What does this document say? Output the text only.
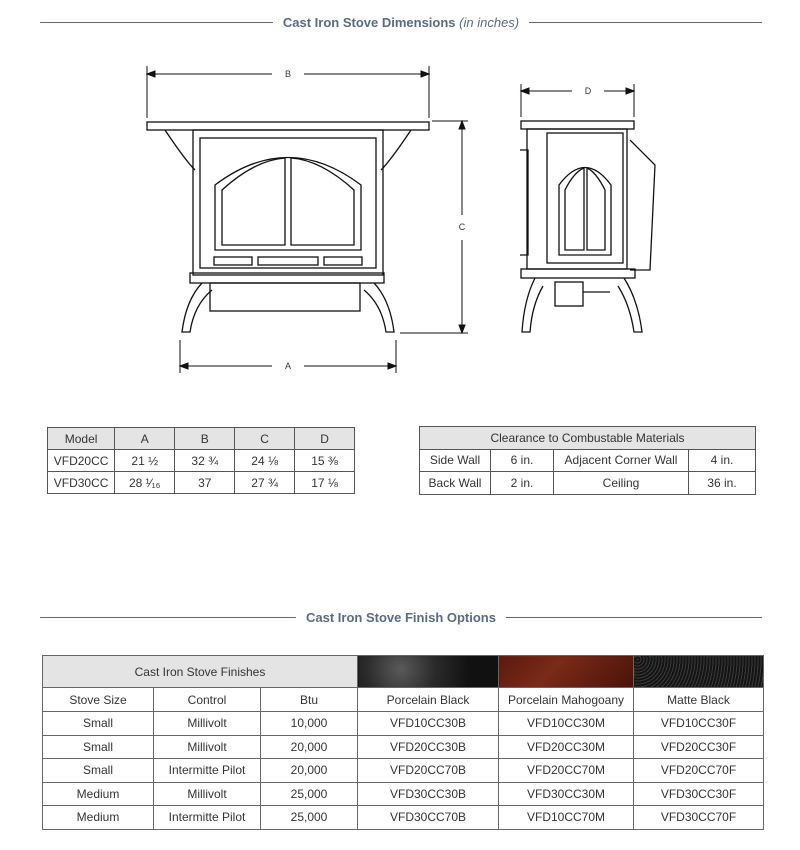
Cast Iron Stove Dimensions (in inches)
B
A
C
D
Model	A	B	C	D
VFD20CC	21 ½	32 ¾	24 ⅛	15 ⅜
VFD30CC	28 ¹⁄₁₆	37	27 ¾	17 ⅛
Clearance to Combustable Materials			
Side Wall	6 in.	Adjacent Corner Wall	4 in.
Back Wall	2 in.	Ceiling	36 in.
Cast Iron Stove Finish Options
Cast Iron Stove Finishes					
Stove Size	Control	Btu	Porcelain Black	Porcelain Mahogoany	Matte Black
Small	Millivolt	10,000	VFD10CC30B	VFD10CC30M	VFD10CC30F
Small	Millivolt	20,000	VFD20CC30B	VFD20CC30M	VFD20CC30F
Small	Intermitte Pilot	20,000	VFD20CC70B	VFD20CC70M	VFD20CC70F
Medium	Millivolt	25,000	VFD30CC30B	VFD30CC30M	VFD30CC30F
Medium	Intermitte Pilot	25,000	VFD30CC70B	VFD10CC70M	VFD30CC70F
